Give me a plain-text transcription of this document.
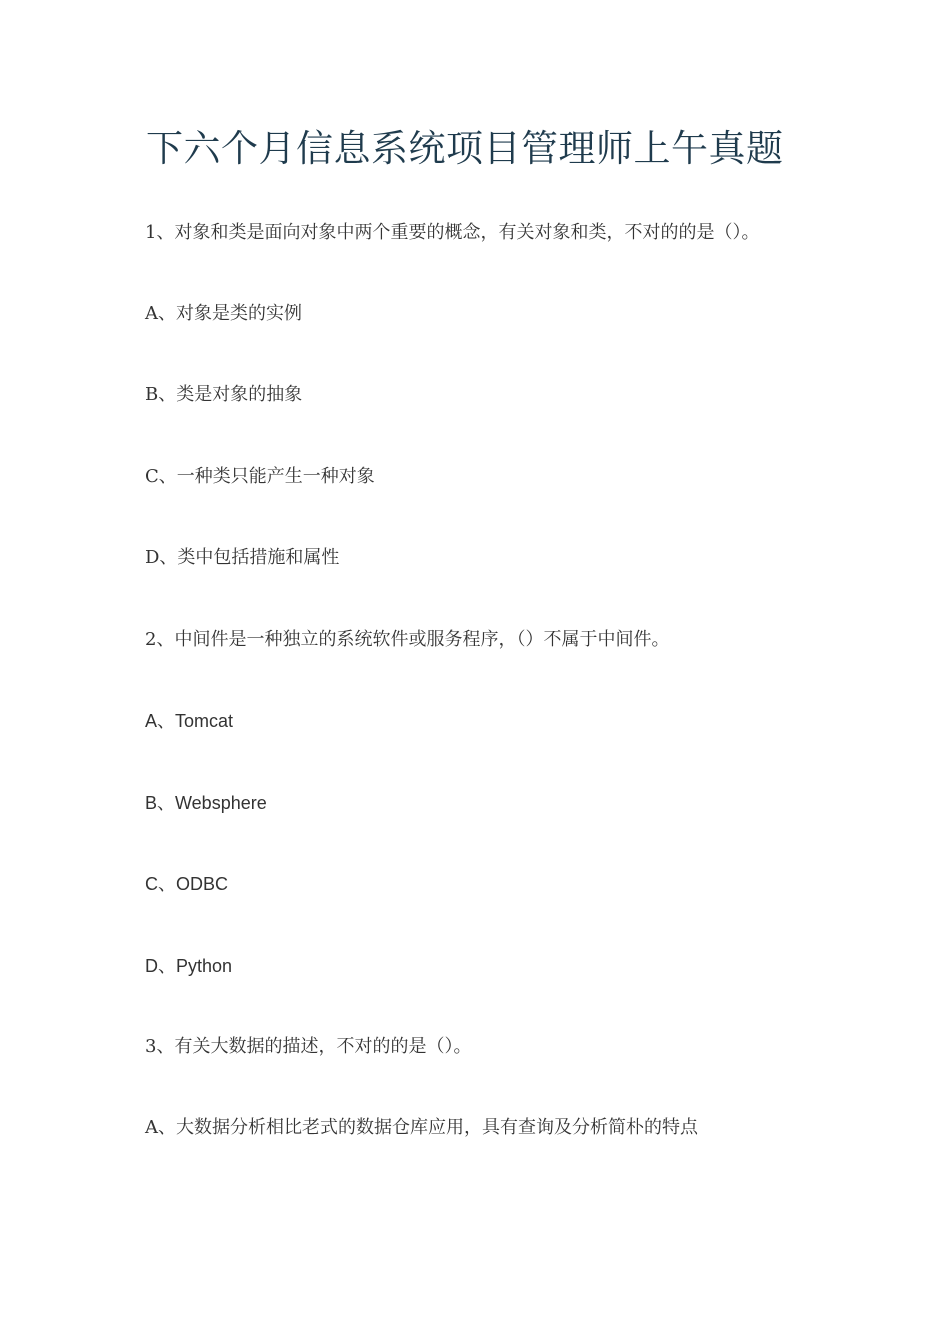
下六个月信息系统项目管理师上午真题

1、对象和类是面向对象中两个重要的概念，有关对象和类，不对的的是（）。

A、对象是类的实例

B、类是对象的抽象

C、一种类只能产生一种对象

D、类中包括措施和属性

2、中间件是一种独立的系统软件或服务程序，（）不属于中间件。

A、Tomcat

B、Websphere

C、ODBC

D、Python

3、有关大数据的描述，不对的的是（）。

A、大数据分析相比老式的数据仓库应用，具有查询及分析简朴的特点
